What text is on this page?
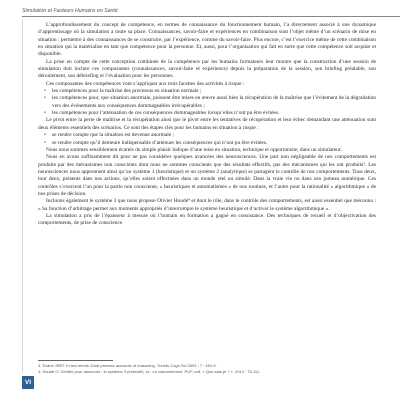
Simulation et Facteurs Humains en Santé

L’approfondissement du concept de compétence, en termes de connaissance du fonctionnement humain, l’a directement associé à une dynamique d’apprentissage où la simulation a toute sa place. Connaissances, savoir-faire et expériences en combinaison sont l’objet même d’un scénario de mise en situation : permettre à des connaissances de se construire, par l’expérience, comme du savoir-faire. Plus encore, c’est l’exercice même de cette combinaison en situation qui la matérialise en tant que compétence pour la personne. Et, aussi, pour l’organisation qui fait en sorte que cette compétence soit acquise et disponible.

La prise en compte de cette conception combinée de la compétence par les humains formateurs leur montre que la construction d’une session de simulation doit inclure ces composantes (connaissances, savoir-faire et expérience) depuis la préparation de la session, son briefing préalable, son déroulement, son débriefing et l’évaluation pour les personnes.

Ces composantes des compétences vont s’appliquer aux trois facettes des activités à risque :

• les compétences pour la maîtrise des processus en situation normale ;
• les compétences pour, que situation anormale, puissent être mises en œuvre aussi bien la récupération de la maîtrise que l’évitement de la dégradation vers des événements aux conséquences dommageables irrécupérables ;
• les compétences pour l’atténuation de ces conséquences dommageables lorsqu’elles n’ont pu être évitées.

Le pivot entre la perte de maîtrise et la récupération ainsi que le pivot entre les tentatives de récupération et leur échec demandant une atténuation sont deux éléments essentiels des scénarios. Ce sont des étapes clés pour les humains en situation à risque :

• se rendre compte que la situation est devenue anormale ;
• se rendre compte qu’il demeure indispensable d’atténuer les conséquences qui n’ont pu être évitées.

Nous nous sommes sensiblement écartés du simple plaisir ludique d’une mise en situation, technique et opportuniste, dans un simulateur.

Nous en avons suffisamment dit pour ne pas considérer quelques avancées des neurosciences. Une part non négligeable de nos comportements est produite par des mécanismes non conscients dont nous ne sommes conscients que des résultats effectifs, pas des mécanismes qui les ont produits³. Les neurosciences nous apprennent ainsi qu’un système 1 (heuristique) et un système 2 (analytique) se partagent le contrôle de nos comportements. Tous deux, tour deux, présents dans nos actions, qu’elles soient effectuées dans un monde réel ou simulé. Dans la vraie vie ou dans son jumeau numérique. Ces contrôles s’exercent l’un pour la partie non consciente, « heuristiques et automatismes » de nos routines, et l’autre pour la rationalité « algorithmique » de nos prises de décision.

Incluons également le système 3 que nous propose Olivier Houdé⁴ et dont le rôle, dans le contrôle des comportements, est aussi essentiel que méconnu : « Sa fonction d’arbitrage permet aux moments appropriés d’interrompre le système heuristique et d’activer le système algorithmique ».

La simulation a pris de l’épaisseur à mesure où l’humain en formation a gagné en consistance. Des techniques de recueil et d’objectivation des comportements, de prise de conscience

3. Evans JSBT. In two minds: Dual-process accounts of reasoning. Trends Cogn Sci 2003 ; 7 : 454-9.
4. Houdé O. Vérifier pour raisonner : le système 3 (exécutif). In : Le raisonnement. PUF, coll. « Que sais-je ? », 2014 : 73-111.
VI
